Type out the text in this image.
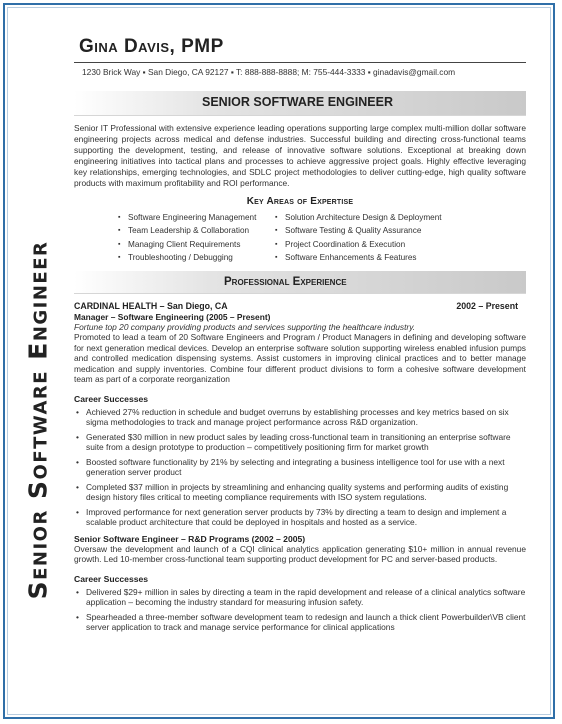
Senior Software Engineer
Gina Davis, PMP
1230 Brick Way ▪ San Diego, CA 92127 ▪ T: 888-888-8888; M: 755-444-3333 ▪ ginadavis@gmail.com
SENIOR SOFTWARE ENGINEER
Senior IT Professional with extensive experience leading operations supporting large complex multi-million dollar software engineering projects across medical and defense industries. Successful building and directing cross-functional teams supporting the development, testing, and release of innovative software solutions. Exceptional at breaking down engineering initiatives into tactical plans and processes to achieve aggressive project goals. Highly effective leveraging key relationships, emerging technologies, and SDLC project methodologies to deliver cutting-edge, high quality software products with maximum profitability and ROI performance.
Key Areas of Expertise
▪ Software Engineering Management
▪ Team Leadership & Collaboration
▪ Managing Client Requirements
▪ Troubleshooting / Debugging
▪ Solution Architecture Design & Deployment
▪ Software Testing & Quality Assurance
▪ Project Coordination & Execution
▪ Software Enhancements & Features
Professional Experience
CARDINAL HEALTH – San Diego, CA	2002 – Present
Manager – Software Engineering (2005 – Present)
Fortune top 20 company providing products and services supporting the healthcare industry.
Promoted to lead a team of 20 Software Engineers and Program / Product Managers in defining and developing software for next generation medical devices. Develop an enterprise software solution supporting wireless enabled infusion pumps and controlled medication dispensing systems. Assist customers in improving clinical practices and to better manage medication and supply inventories. Combine four different product divisions to form a cohesive software development team as part of a corporate reorganization
Career Successes
• Achieved 27% reduction in schedule and budget overruns by establishing processes and key metrics based on six sigma methodologies to track and manage project performance across R&D organization.
• Generated $30 million in new product sales by leading cross-functional team in transitioning an enterprise software suite from a design prototype to production – competitively positioning firm for market growth
• Boosted software functionality by 21% by selecting and integrating a business intelligence tool for use with a next generation server product
• Completed $37 million in projects by streamlining and enhancing quality systems and performing audits of existing design history files critical to meeting compliance requirements with ISO system regulations.
• Improved performance for next generation server products by 73% by directing a team to design and implement a scalable product architecture that could be deployed in hospitals and hosted as a service.
Senior Software Engineer – R&D Programs (2002 – 2005)
Oversaw the development and launch of a CQI clinical analytics application generating $10+ million in annual revenue growth. Led 10-member cross-functional team supporting product development for PC and server-based products.
Career Successes
• Delivered $29+ million in sales by directing a team in the rapid development and release of a clinical analytics software application – becoming the industry standard for measuring infusion safety.
• Spearheaded a three-member software development team to redesign and launch a thick client Powerbuilder\VB client server application to track and manage service performance for clinical applications
